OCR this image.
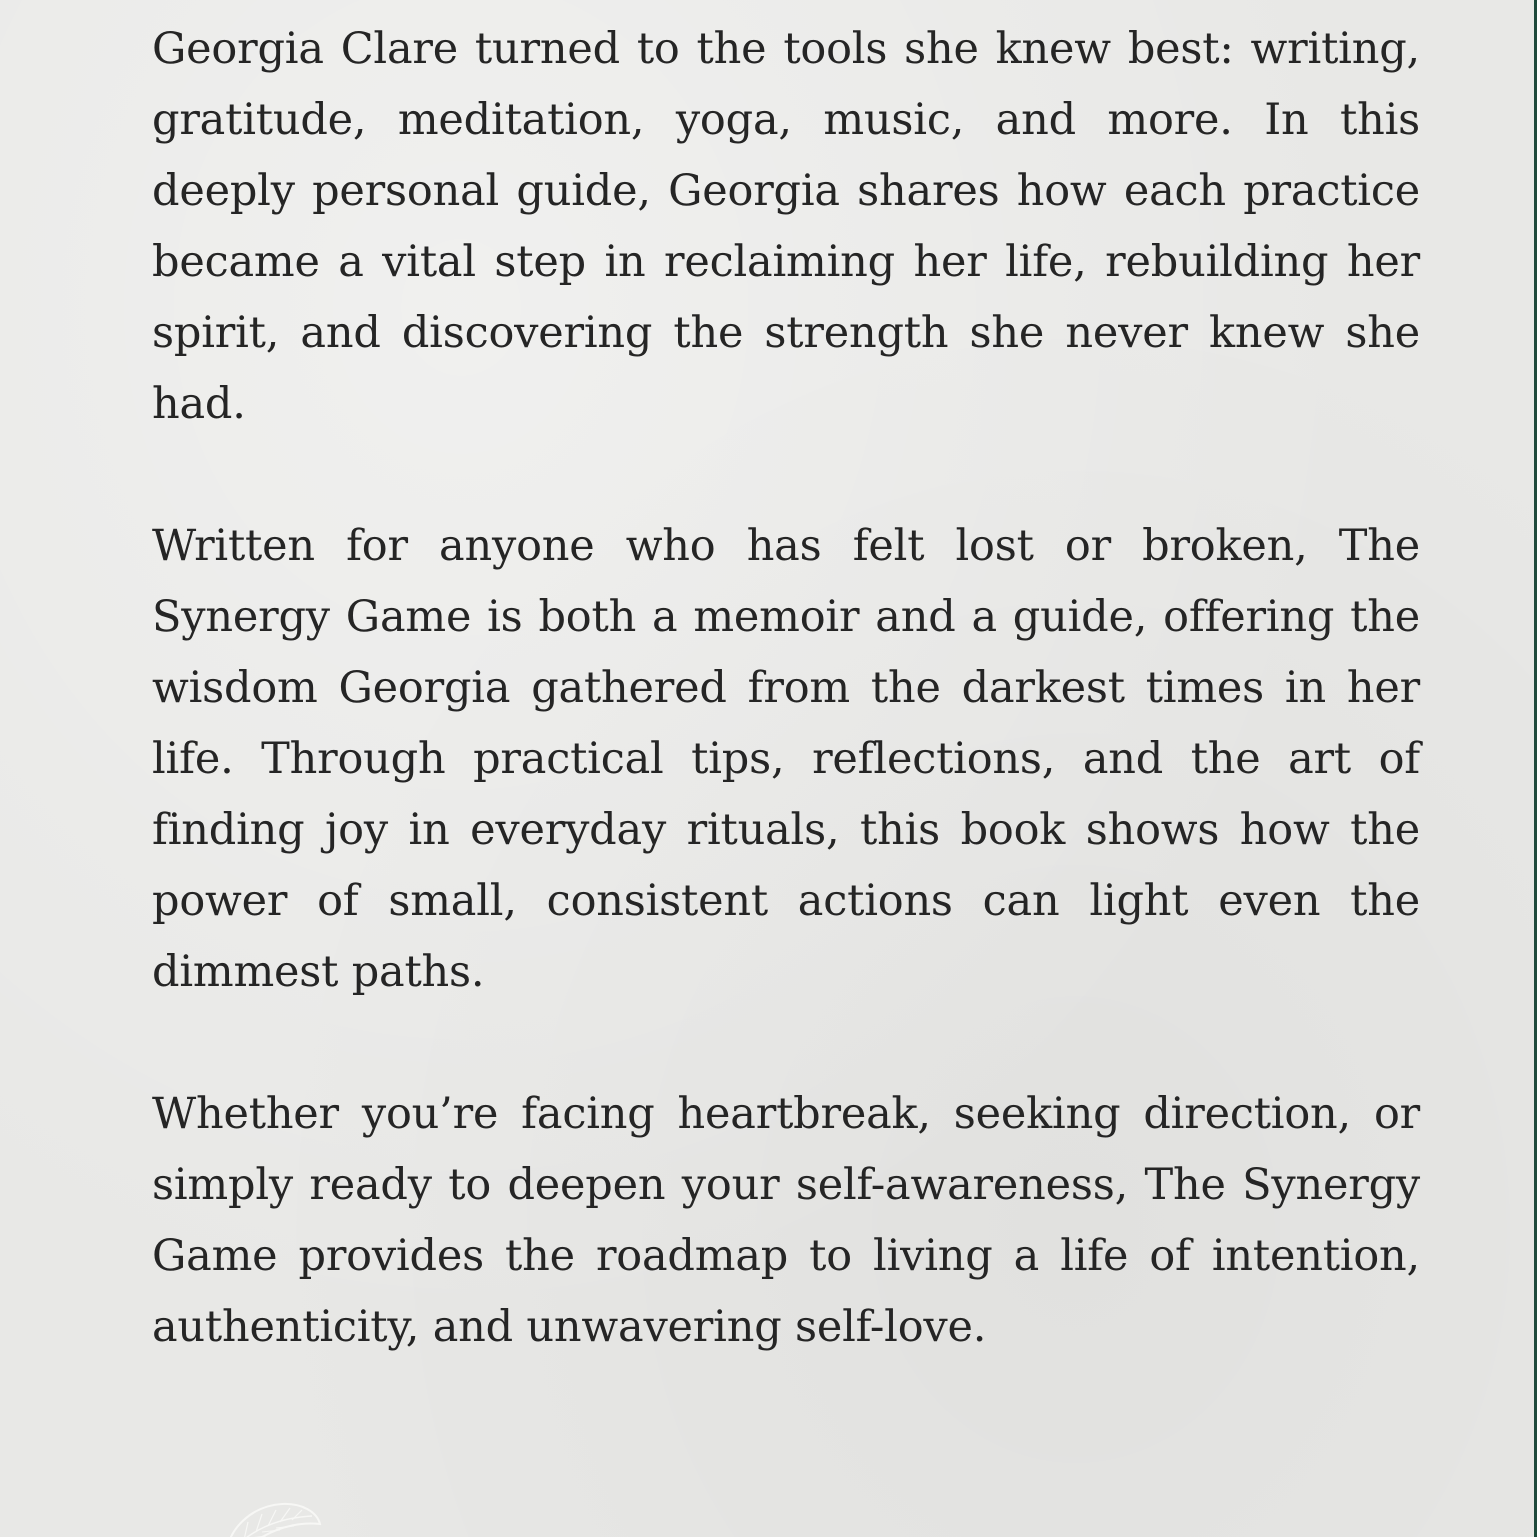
Georgia Clare turned to the tools she knew best: writing, gratitude, meditation, yoga, music, and more. In this deeply personal guide, Georgia shares how each practice became a vital step in reclaiming her life, rebuilding her spirit, and discovering the strength she never knew she had.

Written for anyone who has felt lost or broken, The Synergy Game is both a memoir and a guide, offering the wisdom Georgia gathered from the darkest times in her life. Through practical tips, reflections, and the art of finding joy in everyday rituals, this book shows how the power of small, consistent actions can light even the dimmest paths.

Whether you’re facing heartbreak, seeking direction, or simply ready to deepen your self-awareness, The Synergy Game provides the roadmap to living a life of intention, authenticity, and unwavering self-love.
